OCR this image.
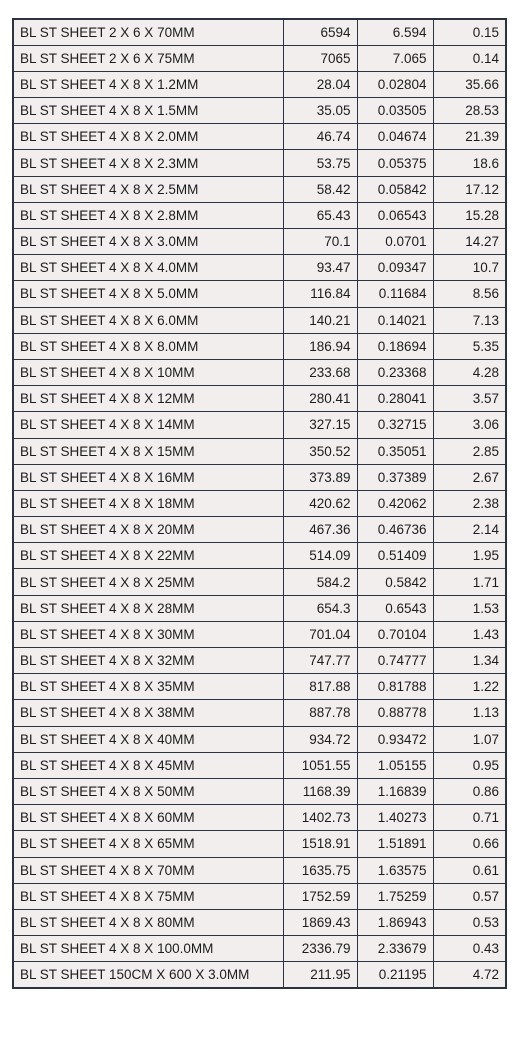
BL ST SHEET 2 X 6 X 70MM	6594	6.594	0.15
BL ST SHEET 2 X 6 X 75MM	7065	7.065	0.14
BL ST SHEET 4 X 8 X 1.2MM	28.04	0.02804	35.66
BL ST SHEET 4 X 8 X 1.5MM	35.05	0.03505	28.53
BL ST SHEET 4 X 8 X 2.0MM	46.74	0.04674	21.39
BL ST SHEET 4 X 8 X 2.3MM	53.75	0.05375	18.6
BL ST SHEET 4 X 8 X 2.5MM	58.42	0.05842	17.12
BL ST SHEET 4 X 8 X 2.8MM	65.43	0.06543	15.28
BL ST SHEET 4 X 8 X 3.0MM	70.1	0.0701	14.27
BL ST SHEET 4 X 8 X 4.0MM	93.47	0.09347	10.7
BL ST SHEET 4 X 8 X 5.0MM	116.84	0.11684	8.56
BL ST SHEET 4 X 8 X 6.0MM	140.21	0.14021	7.13
BL ST SHEET 4 X 8 X 8.0MM	186.94	0.18694	5.35
BL ST SHEET 4 X 8 X 10MM	233.68	0.23368	4.28
BL ST SHEET 4 X 8 X 12MM	280.41	0.28041	3.57
BL ST SHEET 4 X 8 X 14MM	327.15	0.32715	3.06
BL ST SHEET 4 X 8 X 15MM	350.52	0.35051	2.85
BL ST SHEET 4 X 8 X 16MM	373.89	0.37389	2.67
BL ST SHEET 4 X 8 X 18MM	420.62	0.42062	2.38
BL ST SHEET 4 X 8 X 20MM	467.36	0.46736	2.14
BL ST SHEET 4 X 8 X 22MM	514.09	0.51409	1.95
BL ST SHEET 4 X 8 X 25MM	584.2	0.5842	1.71
BL ST SHEET 4 X 8 X 28MM	654.3	0.6543	1.53
BL ST SHEET 4 X 8 X 30MM	701.04	0.70104	1.43
BL ST SHEET 4 X 8 X 32MM	747.77	0.74777	1.34
BL ST SHEET 4 X 8 X 35MM	817.88	0.81788	1.22
BL ST SHEET 4 X 8 X 38MM	887.78	0.88778	1.13
BL ST SHEET 4 X 8 X 40MM	934.72	0.93472	1.07
BL ST SHEET 4 X 8 X 45MM	1051.55	1.05155	0.95
BL ST SHEET 4 X 8 X 50MM	1168.39	1.16839	0.86
BL ST SHEET 4 X 8 X 60MM	1402.73	1.40273	0.71
BL ST SHEET 4 X 8 X 65MM	1518.91	1.51891	0.66
BL ST SHEET 4 X 8 X 70MM	1635.75	1.63575	0.61
BL ST SHEET 4 X 8 X 75MM	1752.59	1.75259	0.57
BL ST SHEET 4 X 8 X 80MM	1869.43	1.86943	0.53
BL ST SHEET 4 X 8 X 100.0MM	2336.79	2.33679	0.43
BL ST SHEET 150CM X 600 X 3.0MM	211.95	0.21195	4.72
